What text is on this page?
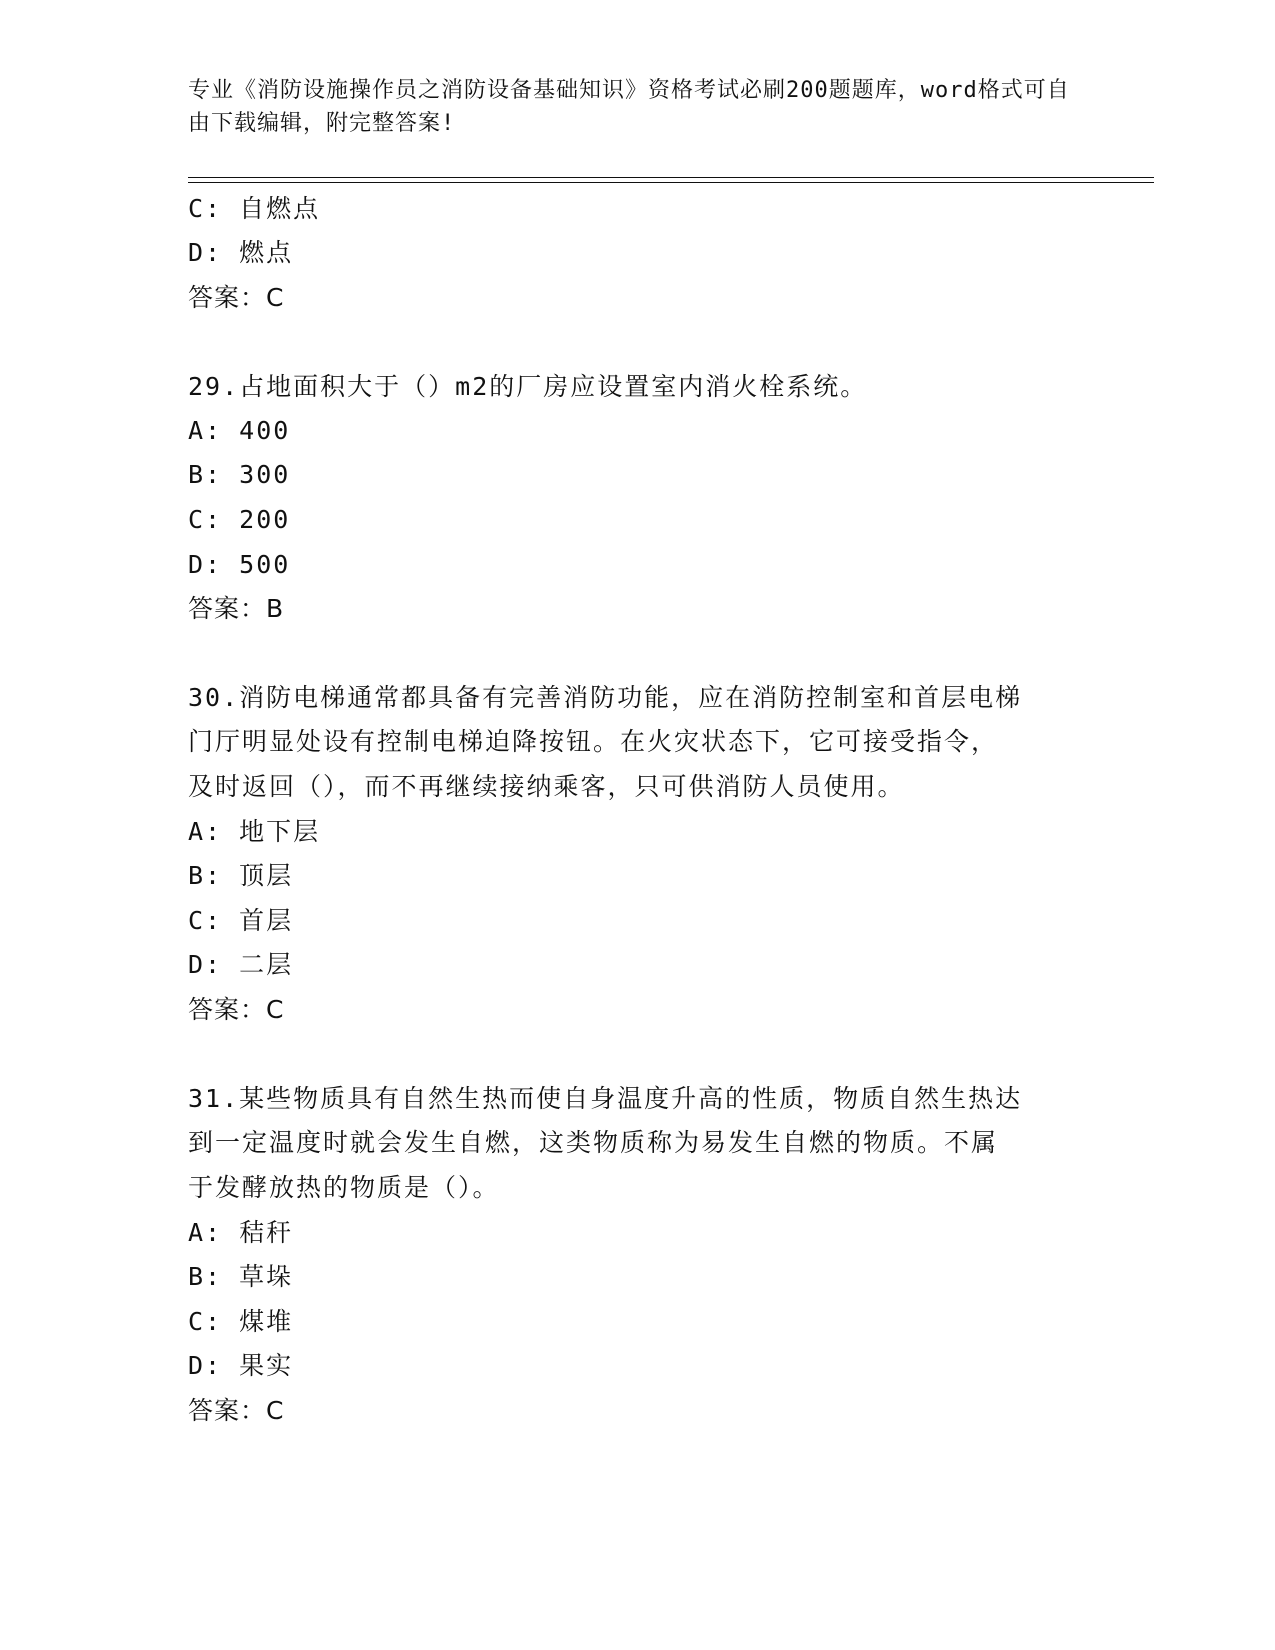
专业《消防设施操作员之消防设备基础知识》资格考试必刷200题题库，word格式可自由下载编辑，附完整答案!
C: 自燃点
D: 燃点
答案：C
29.占地面积大于（）m2的厂房应设置室内消火栓系统。
A: 400
B: 300
C: 200
D: 500
答案：B
30.消防电梯通常都具备有完善消防功能，应在消防控制室和首层电梯
门厅明显处设有控制电梯迫降按钮。在火灾状态下，它可接受指令，
及时返回（），而不再继续接纳乘客，只可供消防人员使用。
A: 地下层
B: 顶层
C: 首层
D: 二层
答案：C
31.某些物质具有自然生热而使自身温度升高的性质，物质自然生热达
到一定温度时就会发生自燃，这类物质称为易发生自燃的物质。不属
于发酵放热的物质是（）。
A: 秸秆
B: 草垛
C: 煤堆
D: 果实
答案：C
